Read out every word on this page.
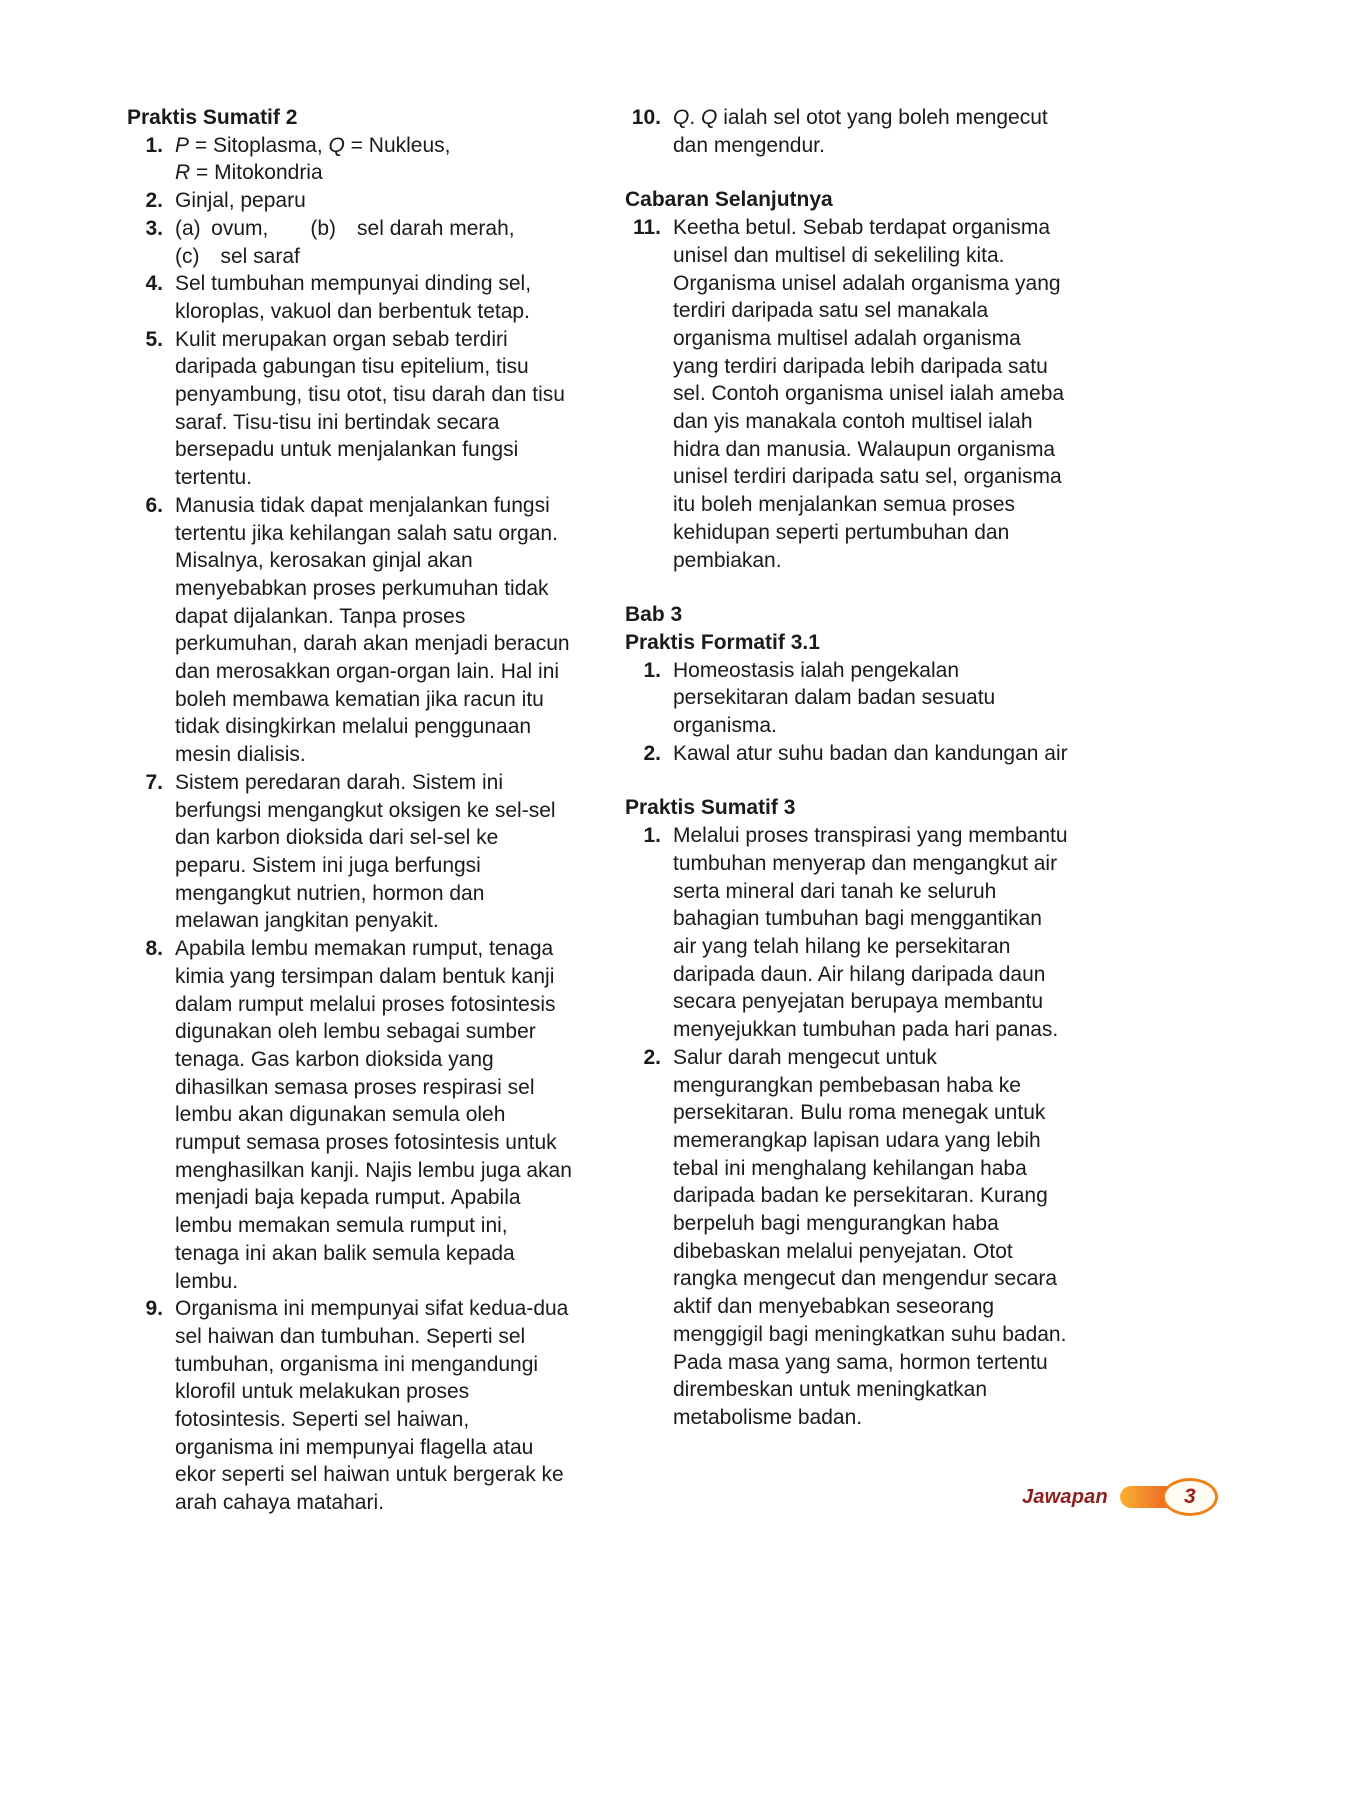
Praktis Sumatif 2
1. P = Sitoplasma, Q = Nukleus,
R = Mitokondria
2. Ginjal, peparu
3. (a) ovum,  (b)  sel darah merah,
(c)  sel saraf
4. Sel tumbuhan mempunyai dinding sel, kloroplas, vakuol dan berbentuk tetap.
5. Kulit merupakan organ sebab terdiri daripada gabungan tisu epitelium, tisu penyambung, tisu otot, tisu darah dan tisu saraf. Tisu-tisu ini bertindak secara bersepadu untuk menjalankan fungsi tertentu.
6. Manusia tidak dapat menjalankan fungsi tertentu jika kehilangan salah satu organ. Misalnya, kerosakan ginjal akan menyebabkan proses perkumuhan tidak dapat dijalankan. Tanpa proses perkumuhan, darah akan menjadi beracun dan merosakkan organ-organ lain. Hal ini boleh membawa kematian jika racun itu tidak disingkirkan melalui penggunaan mesin dialisis.
7. Sistem peredaran darah. Sistem ini berfungsi mengangkut oksigen ke sel-sel dan karbon dioksida dari sel-sel ke peparu. Sistem ini juga berfungsi mengangkut nutrien, hormon dan melawan jangkitan penyakit.
8. Apabila lembu memakan rumput, tenaga kimia yang tersimpan dalam bentuk kanji dalam rumput melalui proses fotosintesis digunakan oleh lembu sebagai sumber tenaga. Gas karbon dioksida yang dihasilkan semasa proses respirasi sel lembu akan digunakan semula oleh rumput semasa proses fotosintesis untuk menghasilkan kanji. Najis lembu juga akan menjadi baja kepada rumput. Apabila lembu memakan semula rumput ini, tenaga ini akan balik semula kepada lembu.
9. Organisma ini mempunyai sifat kedua-dua sel haiwan dan tumbuhan. Seperti sel tumbuhan, organisma ini mengandungi klorofil untuk melakukan proses fotosintesis. Seperti sel haiwan, organisma ini mempunyai flagella atau ekor seperti sel haiwan untuk bergerak ke arah cahaya matahari.
10. Q. Q ialah sel otot yang boleh mengecut dan mengendur.
Cabaran Selanjutnya
11. Keetha betul. Sebab terdapat organisma unisel dan multisel di sekeliling kita. Organisma unisel adalah organisma yang terdiri daripada satu sel manakala organisma multisel adalah organisma yang terdiri daripada lebih daripada satu sel. Contoh organisma unisel ialah ameba dan yis manakala contoh multisel ialah hidra dan manusia. Walaupun organisma unisel terdiri daripada satu sel, organisma itu boleh menjalankan semua proses kehidupan seperti pertumbuhan dan pembiakan.
Bab 3
Praktis Formatif 3.1
1. Homeostasis ialah pengekalan persekitaran dalam badan sesuatu organisma.
2. Kawal atur suhu badan dan kandungan air
Praktis Sumatif 3
1. Melalui proses transpirasi yang membantu tumbuhan menyerap dan mengangkut air serta mineral dari tanah ke seluruh bahagian tumbuhan bagi menggantikan air yang telah hilang ke persekitaran daripada daun. Air hilang daripada daun secara penyejatan berupaya membantu menyejukkan tumbuhan pada hari panas.
2. Salur darah mengecut untuk mengurangkan pembebasan haba ke persekitaran. Bulu roma menegak untuk memerangkap lapisan udara yang lebih tebal ini menghalang kehilangan haba daripada badan ke persekitaran. Kurang berpeluh bagi mengurangkan haba dibebaskan melalui penyejatan. Otot rangka mengecut dan mengendur secara aktif dan menyebabkan seseorang menggigil bagi meningkatkan suhu badan. Pada masa yang sama, hormon tertentu dirembeskan untuk meningkatkan metabolisme badan.
Jawapan	3
